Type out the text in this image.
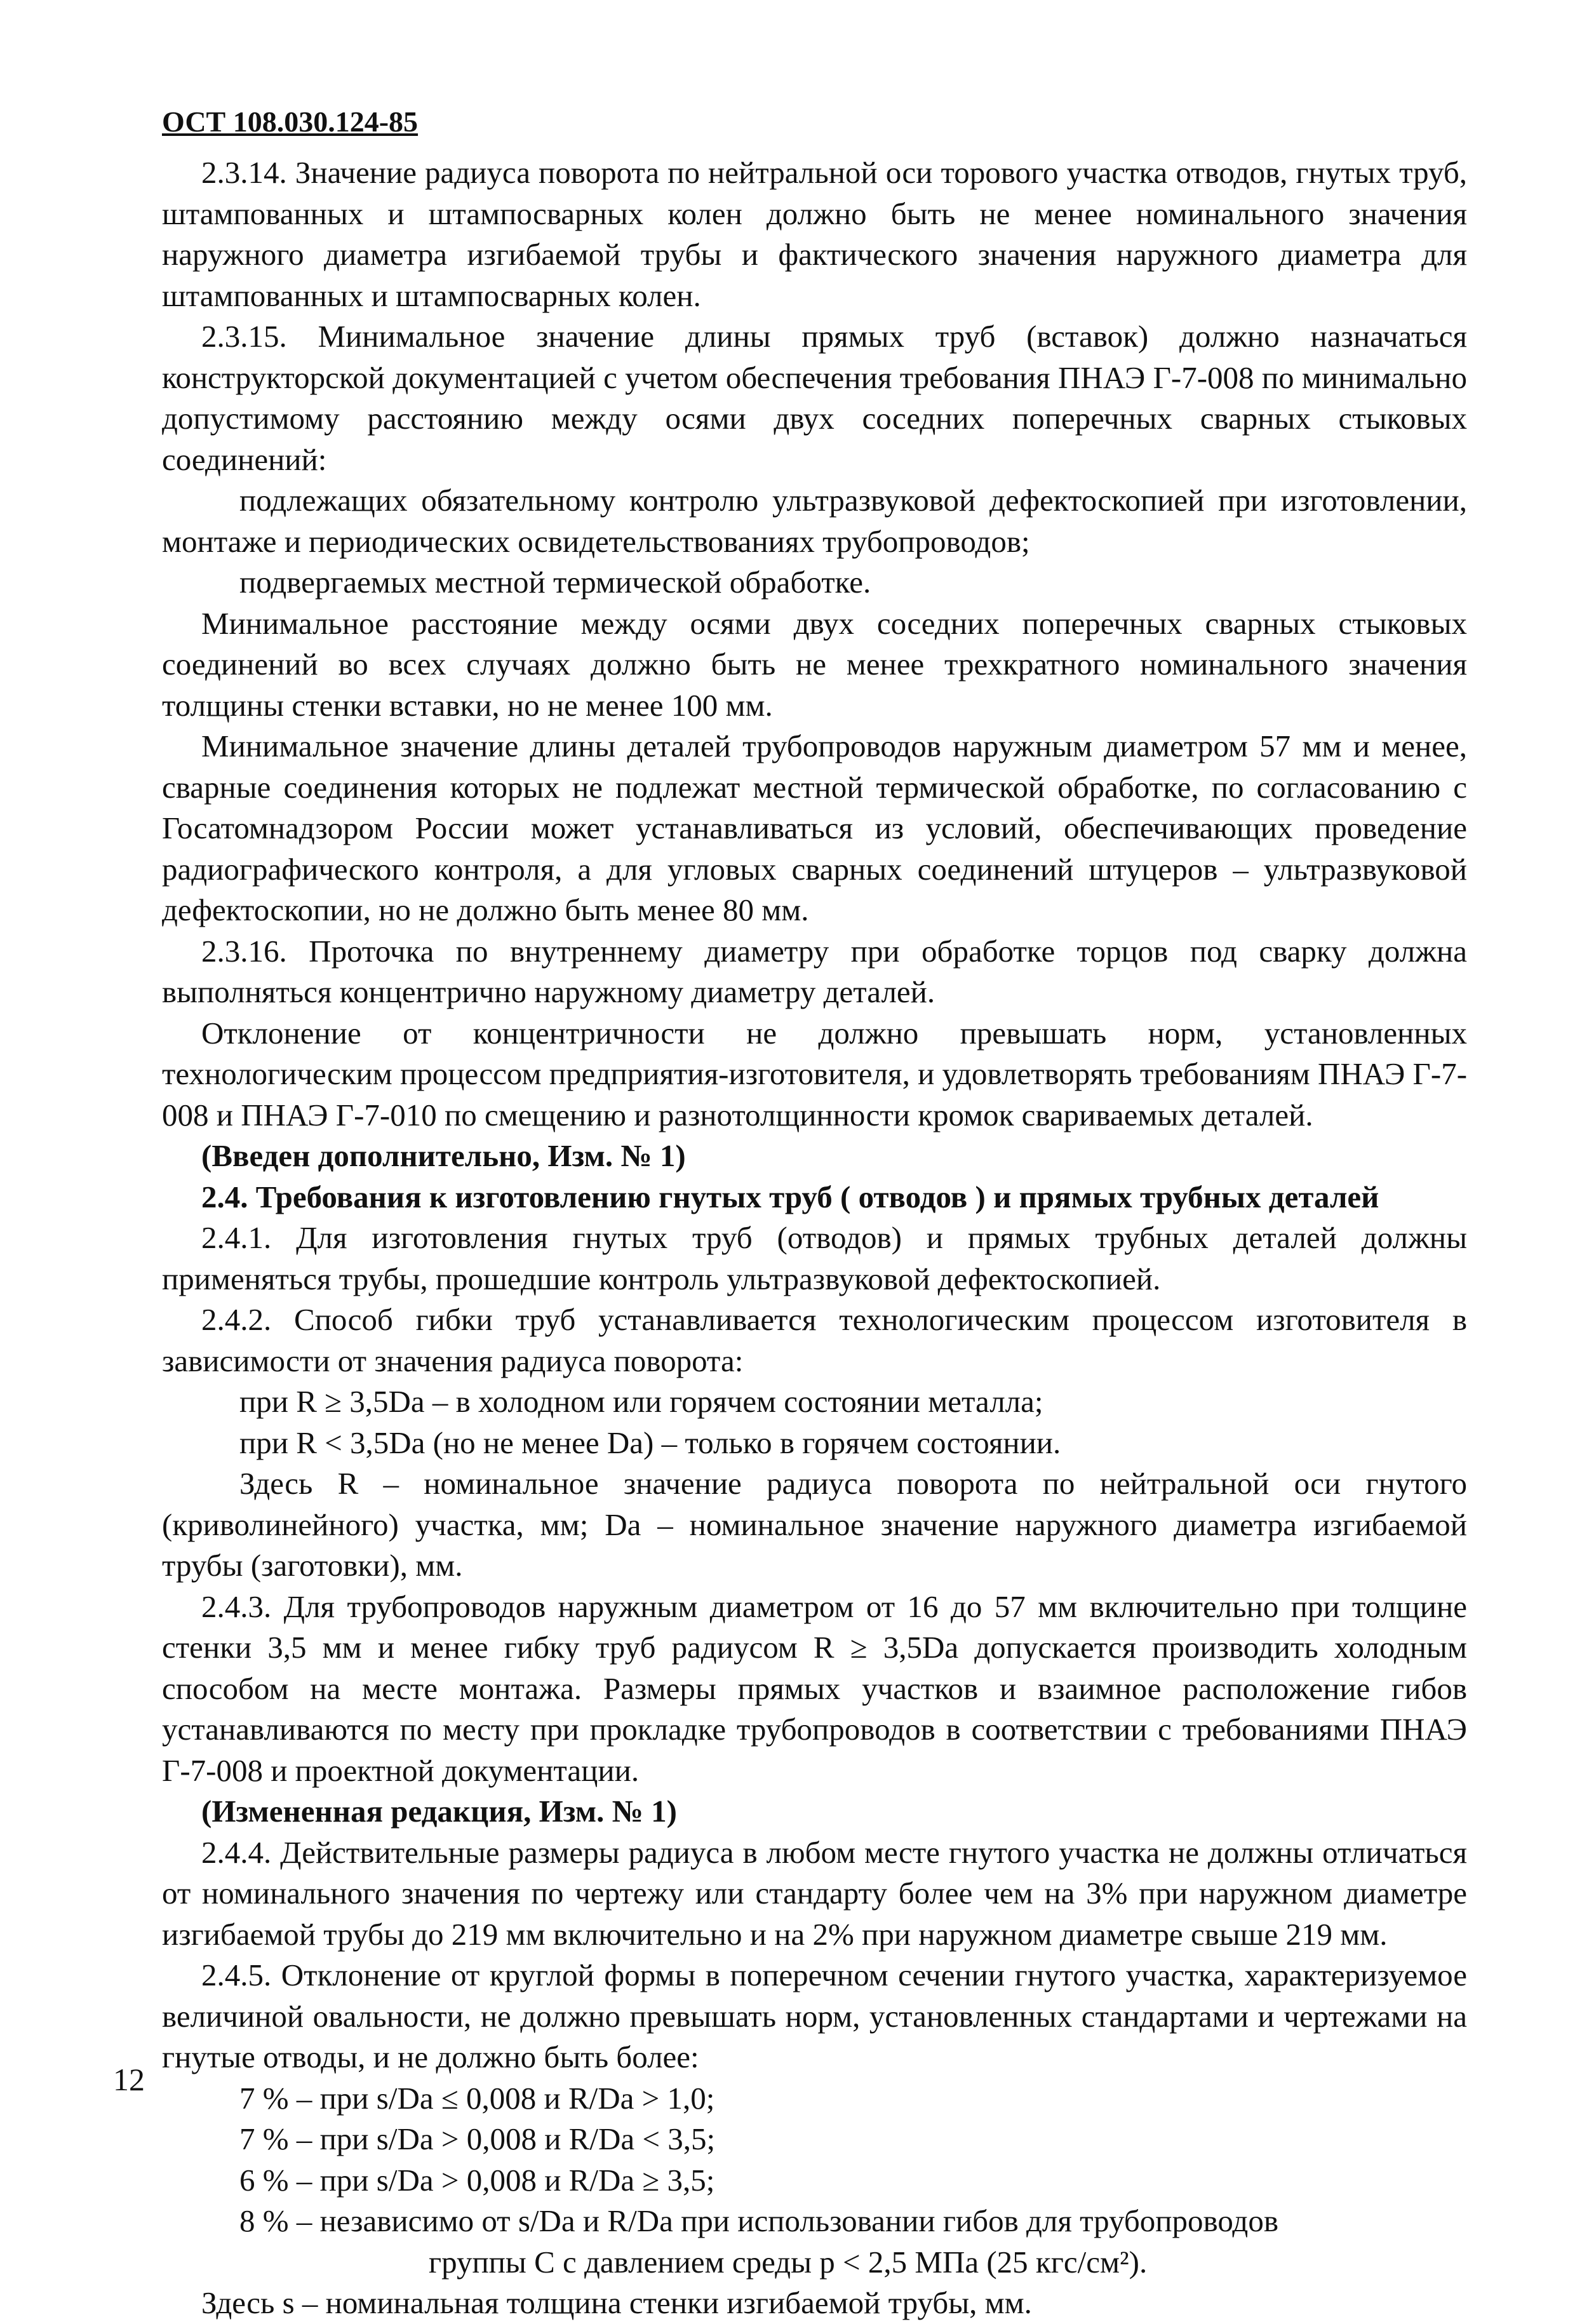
ОСТ 108.030.124-85

2.3.14. Значение радиуса поворота по нейтральной оси торового участка отводов, гнутых труб, штампованных и штампосварных колен должно быть не менее номинального значения наружного диаметра изгибаемой трубы и фактического значения наружного диаметра для штампованных и штампосварных колен.

2.3.15. Минимальное значение длины прямых труб (вставок) должно назначаться конструкторской документацией с учетом обеспечения требования ПНАЭ Г-7-008 по минимально допустимому расстоянию между осями двух соседних поперечных сварных стыковых соединений:

подлежащих обязательному контролю ультразвуковой дефектоскопией при изготовлении, монтаже и периодических освидетельствованиях трубопроводов;

подвергаемых местной термической обработке.

Минимальное расстояние между осями двух соседних поперечных сварных стыковых соединений во всех случаях должно быть не менее трехкратного номинального значения толщины стенки вставки, но не менее 100 мм.

Минимальное значение длины деталей трубопроводов наружным диаметром 57 мм и менее, сварные соединения которых не подлежат местной термической обработке, по согласованию с Госатомнадзором России может устанавливаться из условий, обеспечивающих проведение радиографического контроля, а для угловых сварных соединений штуцеров – ультразвуковой дефектоскопии, но не должно быть менее 80 мм.

2.3.16. Проточка по внутреннему диаметру при обработке торцов под сварку должна выполняться концентрично наружному диаметру деталей.

Отклонение от концентричности не должно превышать норм, установленных технологическим процессом предприятия-изготовителя, и удовлетворять требованиям ПНАЭ Г-7-008 и ПНАЭ Г-7-010 по смещению и разнотолщинности кромок свариваемых деталей.

(Введен дополнительно, Изм. № 1)

2.4. Требования к изготовлению гнутых труб ( отводов ) и прямых трубных деталей

2.4.1. Для изготовления гнутых труб (отводов) и прямых трубных деталей должны применяться трубы, прошедшие контроль ультразвуковой дефектоскопией.

2.4.2. Способ гибки труб устанавливается технологическим процессом изготовителя в зависимости от значения радиуса поворота:

при R ≥ 3,5Da – в холодном или горячем состоянии металла;

при R < 3,5Da (но не менее Da) – только в горячем состоянии.

Здесь R – номинальное значение радиуса поворота по нейтральной оси гнутого (криволинейного) участка, мм; Da – номинальное значение наружного диаметра изгибаемой трубы (заготовки), мм.

2.4.3. Для трубопроводов наружным диаметром от 16 до 57 мм включительно при толщине стенки 3,5 мм и менее гибку труб радиусом R ≥ 3,5Da допускается производить холодным способом на месте монтажа. Размеры прямых участков и взаимное расположение гибов устанавливаются по месту при прокладке трубопроводов в соответствии с требованиями ПНАЭ Г-7-008 и проектной документации.

(Измененная редакция, Изм. № 1)

2.4.4. Действительные размеры радиуса в любом месте гнутого участка не должны отличаться от номинального значения по чертежу или стандарту более чем на 3% при наружном диаметре изгибаемой трубы до 219 мм включительно и на 2% при наружном диаметре свыше 219 мм.

2.4.5. Отклонение от круглой формы в поперечном сечении гнутого участка, характеризуемое величиной овальности, не должно превышать норм, установленных стандартами и чертежами на гнутые отводы, и не должно быть более:

7 % – при s/Da ≤ 0,008 и R/Da > 1,0;

7 % – при s/Da > 0,008 и R/Da < 3,5;

6 % – при s/Da > 0,008 и R/Da ≥ 3,5;

8 % – независимо от s/Da и R/Da при использовании гибов для трубопроводов

группы С с давлением среды p < 2,5 МПа (25 кгс/см²).

Здесь s – номинальная толщина стенки изгибаемой трубы, мм.

12
